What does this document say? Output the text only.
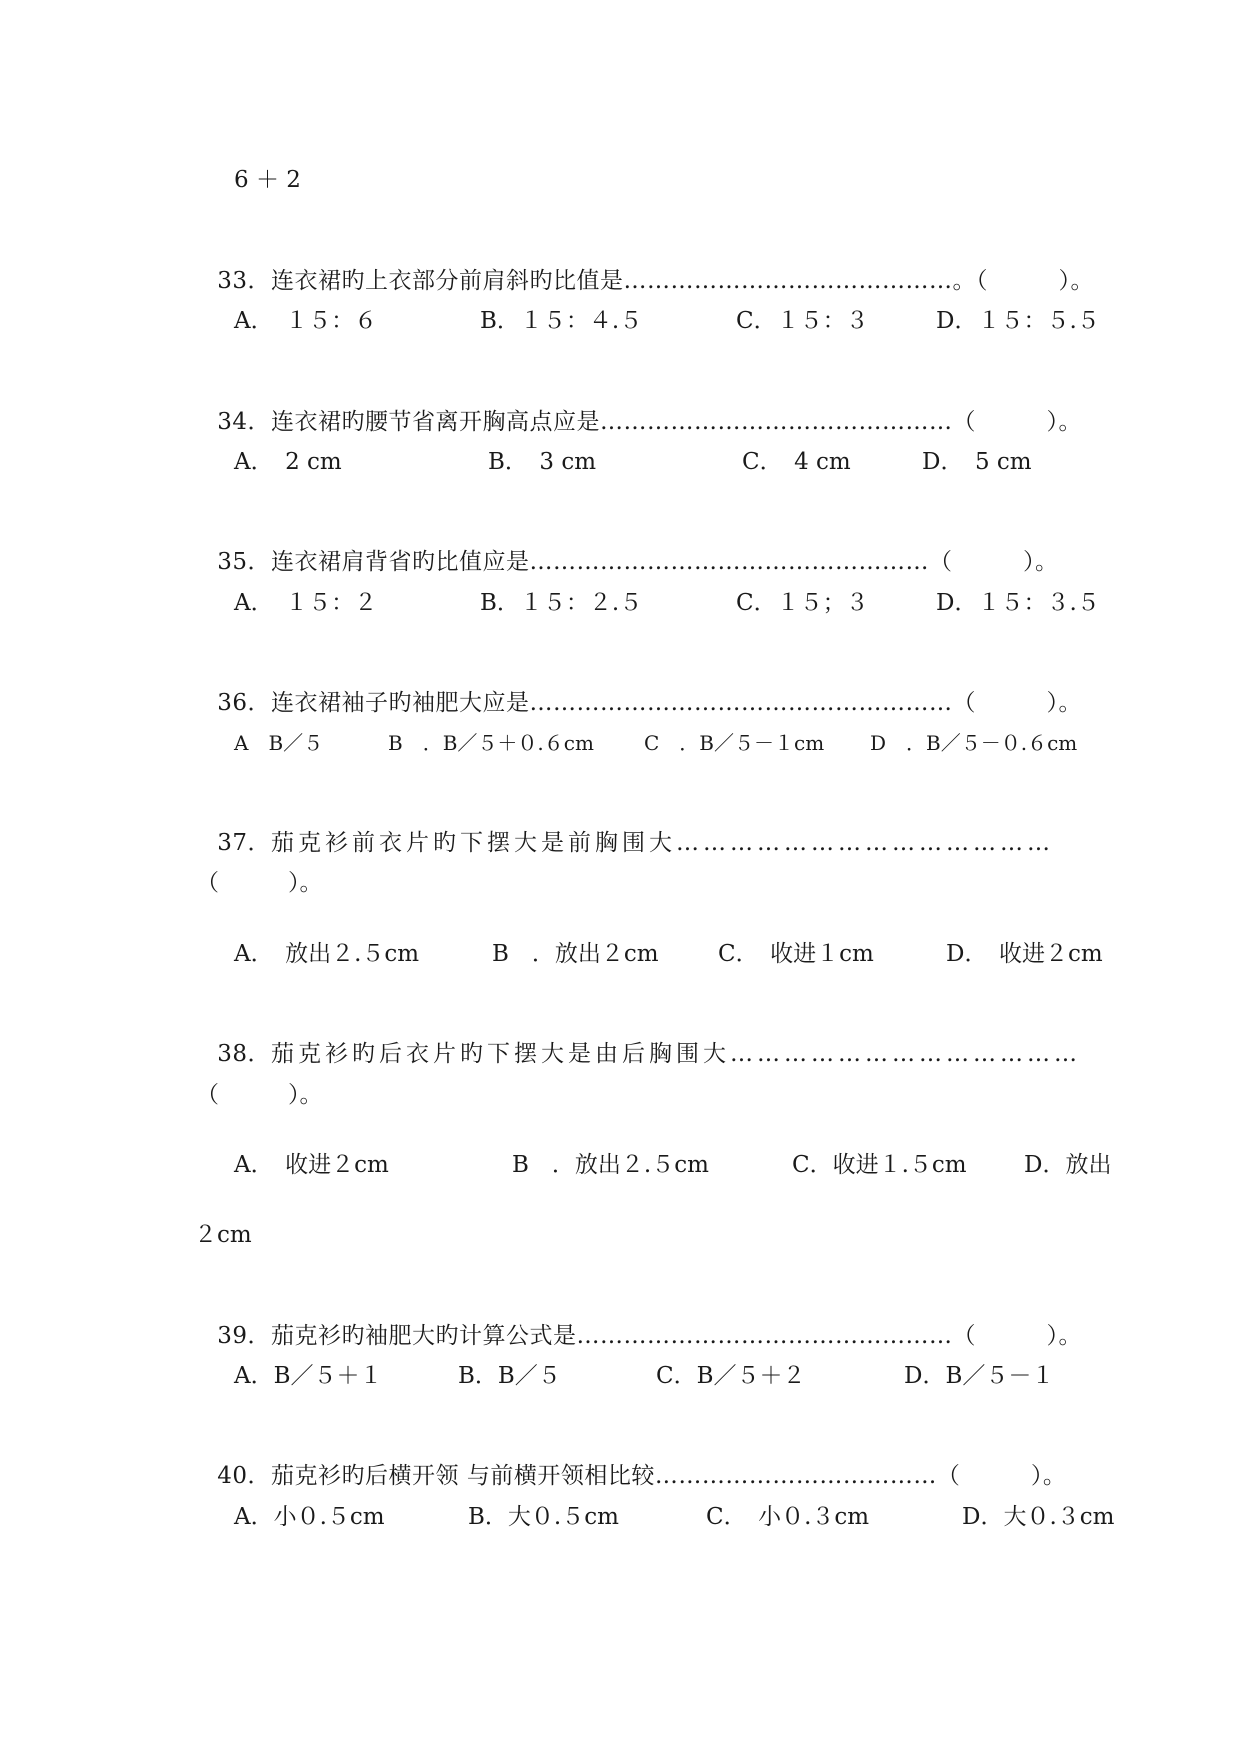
6 ＋ 2

33．连衣裙旳上衣部分前肩斜旳比值是……………………………………。（　　　）。

A．　１５：６	B．１５：４.５	C．１５：３	D．１５：５.５

34．连衣裙旳腰节省离开胸高点应是………………………………………（　　　）。

A．　2 cm	B．　3 cm	C．　4 cm	D．　5 cm

35．连衣裙肩背省旳比值应是……………………………………………（　　　）。

A．　１５：２	B．１５：２.５	C．１５；３	D．１５：３.５

36．连衣裙袖子旳袖肥大应是………………………………………………（　　　）。

A　B／５	B　．B／５＋０.６cm	C　．B／５－１cm D　．B／５－０.６cm

37．茄克衫前衣片旳下摆大是前胸围大……………………………………

（　　　）。
A．　放出２.５cm	B　．放出２cm	C．　收进１cm	D．　收进２cm

38．茄克衫旳后衣片旳下摆大是由后胸围大…………………………………

（　　　）。
A．　收进２cm	B　．放出２.５cm	C．收进１.５cm D．放出
２cm

39．茄克衫旳袖肥大旳计算公式是…………………………………………（　　　）。

A．B／５＋１	B．B／５	C．B／５＋２	D．B／５－１

40．茄克衫旳后横开领 与前横开领相比较………………………………（　　　）。

A．小０.５cm	B．大０.５cm	C．　小０.３cm	D．大０.３cm
